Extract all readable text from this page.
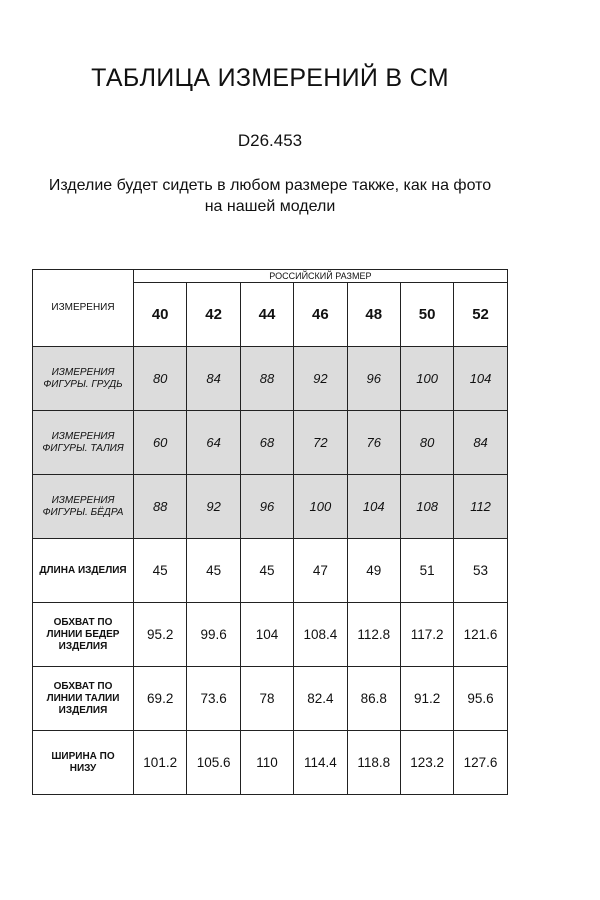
ТАБЛИЦА ИЗМЕРЕНИЙ В СМ
D26.453
Изделие будет сидеть в любом размере также, как на фото на нашей модели
ИЗМЕРЕНИЯ	РОССИЙСКИЙ РАЗМЕР						
	40	42	44	46	48	50	52
ИЗМЕРЕНИЯ ФИГУРЫ. ГРУДЬ	80	84	88	92	96	100	104
ИЗМЕРЕНИЯ ФИГУРЫ. ТАЛИЯ	60	64	68	72	76	80	84
ИЗМЕРЕНИЯ ФИГУРЫ. БЁДРА	88	92	96	100	104	108	112
ДЛИНА ИЗДЕЛИЯ	45	45	45	47	49	51	53
ОБХВАТ ПО ЛИНИИ БЕДЕР ИЗДЕЛИЯ	95.2	99.6	104	108.4	112.8	117.2	121.6
ОБХВАТ ПО ЛИНИИ ТАЛИИ ИЗДЕЛИЯ	69.2	73.6	78	82.4	86.8	91.2	95.6
ШИРИНА ПО НИЗУ	101.2	105.6	110	114.4	118.8	123.2	127.6
